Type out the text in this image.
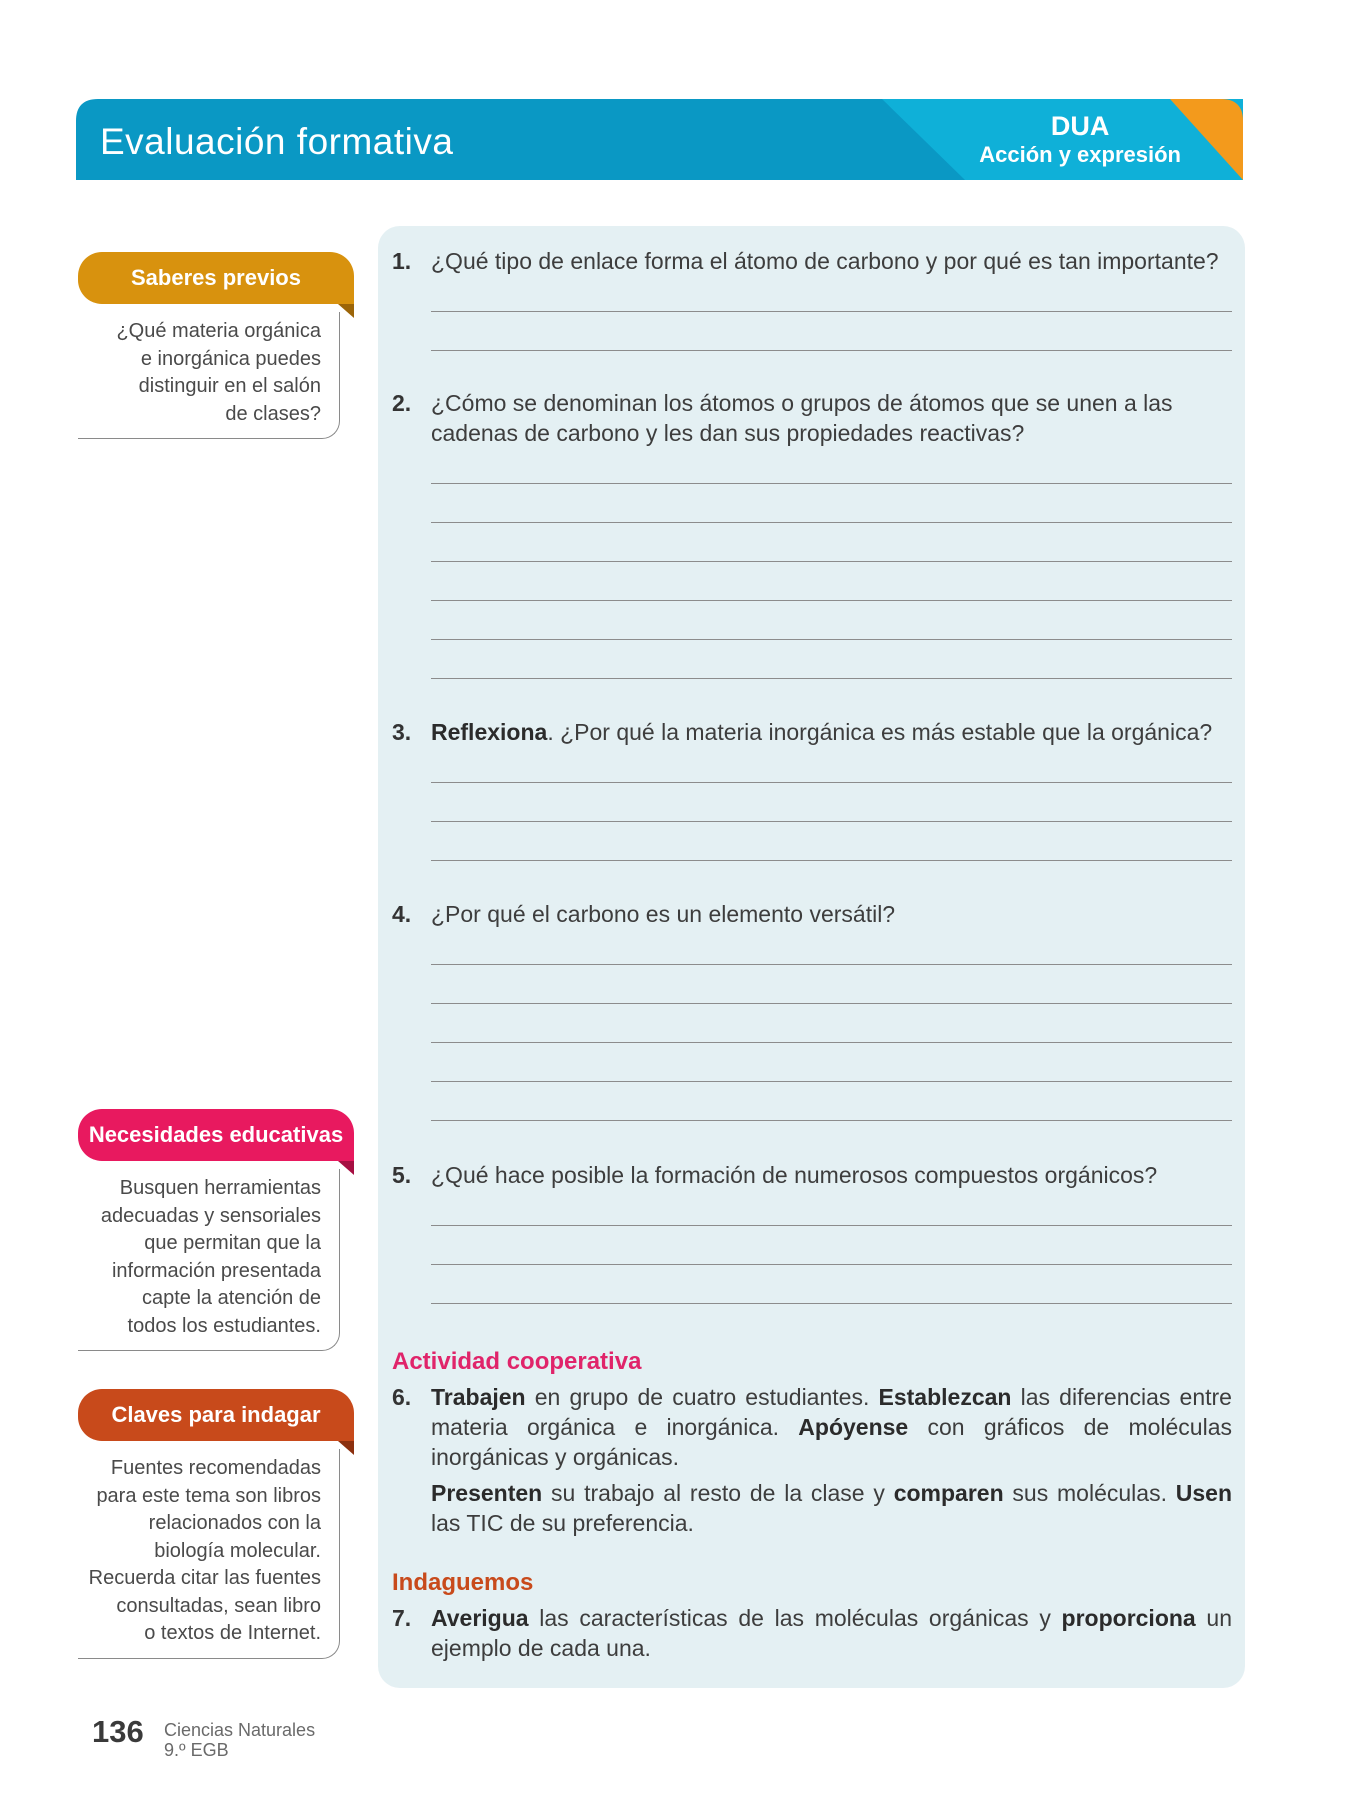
Evaluación formativa	DUA
Acción y expresión
Saberes previos
¿Qué materia orgánica
e inorgánica puedes
distinguir en el salón
de clases?
Necesidades educativas
Busquen herramientas
adecuadas y sensoriales
que permitan que la
información presentada
capte la atención de
todos los estudiantes.
Claves para indagar
Fuentes recomendadas
para este tema son libros
relacionados con la
biología molecular.
Recuerda citar las fuentes
consultadas, sean libro
o textos de Internet.
1. ¿Qué tipo de enlace forma el átomo de carbono y por qué es tan importante?
2. ¿Cómo se denominan los átomos o grupos de átomos que se unen a las cadenas de carbono y les dan sus propiedades reactivas?
3. Reflexiona. ¿Por qué la materia inorgánica es más estable que la orgánica?
4. ¿Por qué el carbono es un elemento versátil?
5. ¿Qué hace posible la formación de numerosos compuestos orgánicos?
Actividad cooperativa
6. Trabajen en grupo de cuatro estudiantes. Establezcan las diferencias entre materia orgánica e inorgánica. Apóyense con gráficos de moléculas inorgánicas y orgánicas.
Presenten su trabajo al resto de la clase y comparen sus moléculas. Usen las TIC de su preferencia.
Indaguemos
7. Averigua las características de las moléculas orgánicas y proporciona un ejemplo de cada una.
136 Ciencias Naturales
9.º EGB
